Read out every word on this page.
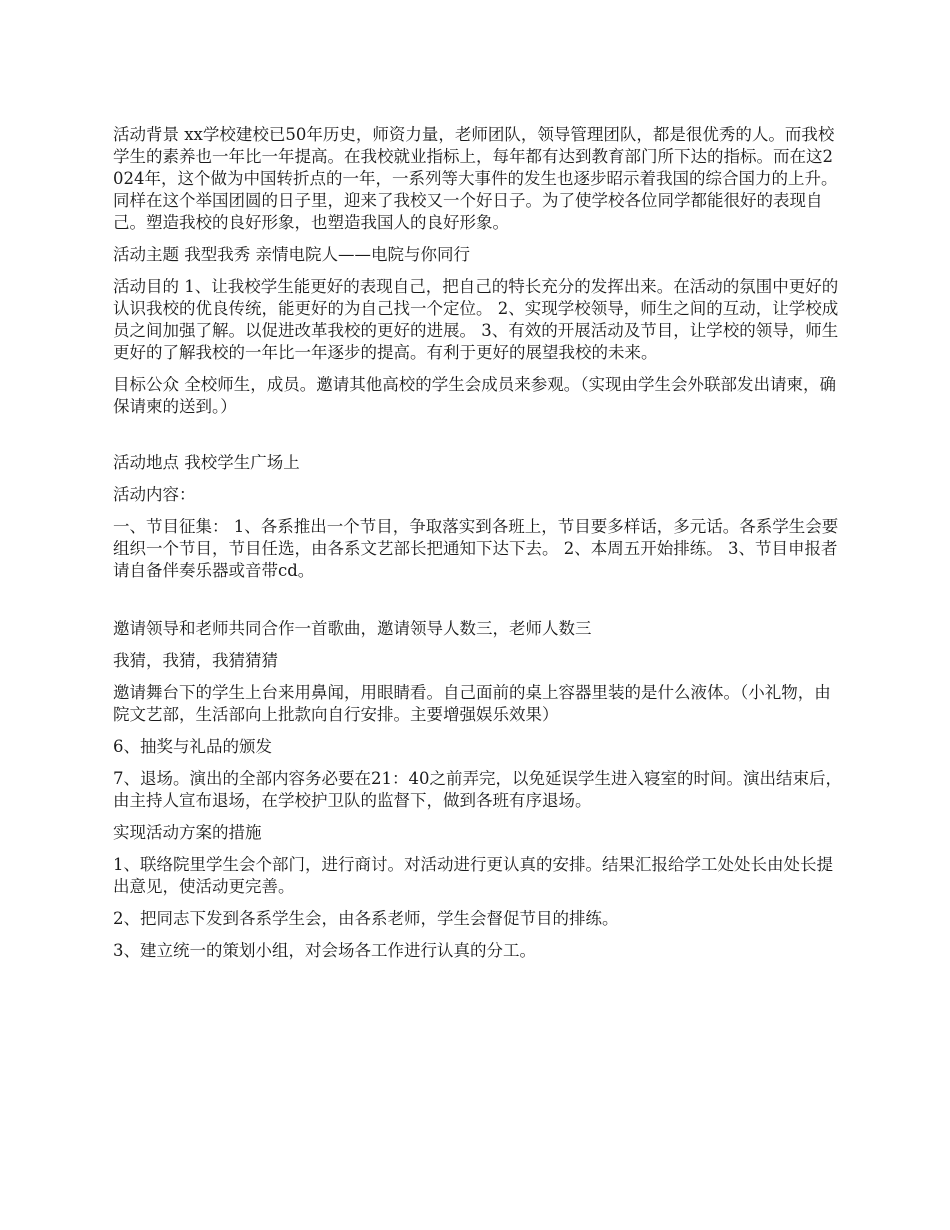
活动背景 xx学校建校已50年历史，师资力量，老师团队，领导管理团队，都是很优秀的人。而我校学生的素养也一年比一年提高。在我校就业指标上，每年都有达到教育部门所下达的指标。而在这2024年，这个做为中国转折点的一年，一系列等大事件的发生也逐步昭示着我国的综合国力的上升。同样在这个举国团圆的日子里，迎来了我校又一个好日子。为了使学校各位同学都能很好的表现自己。塑造我校的良好形象，也塑造我国人的良好形象。

活动主题 我型我秀 亲情电院人——电院与你同行

活动目的 1、让我校学生能更好的表现自己，把自己的特长充分的发挥出来。在活动的氛围中更好的认识我校的优良传统，能更好的为自己找一个定位。 2、实现学校领导，师生之间的互动，让学校成员之间加强了解。以促进改革我校的更好的进展。 3、有效的开展活动及节目，让学校的领导，师生更好的了解我校的一年比一年逐步的提高。有利于更好的展望我校的未来。

目标公众 全校师生，成员。邀请其他高校的学生会成员来参观。（实现由学生会外联部发出请柬，确保请柬的送到。）

活动地点 我校学生广场上

活动内容：

一、节目征集： 1、各系推出一个节目，争取落实到各班上，节目要多样话，多元话。各系学生会要组织一个节目，节目任选，由各系文艺部长把通知下达下去。 2、本周五开始排练。 3、节目申报者请自备伴奏乐器或音带cd。

邀请领导和老师共同合作一首歌曲，邀请领导人数三，老师人数三

我猜，我猜，我猜猜猜

邀请舞台下的学生上台来用鼻闻，用眼睛看。自己面前的桌上容器里装的是什么液体。（小礼物，由院文艺部，生活部向上批款向自行安排。主要增强娱乐效果）

6、抽奖与礼品的颁发

7、退场。演出的全部内容务必要在21：40之前弄完，以免延误学生进入寝室的时间。演出结束后，由主持人宣布退场，在学校护卫队的监督下，做到各班有序退场。

实现活动方案的措施

1、联络院里学生会个部门，进行商讨。对活动进行更认真的安排。结果汇报给学工处处长由处长提出意见，使活动更完善。

2、把同志下发到各系学生会，由各系老师，学生会督促节目的排练。

3、建立统一的策划小组，对会场各工作进行认真的分工。
